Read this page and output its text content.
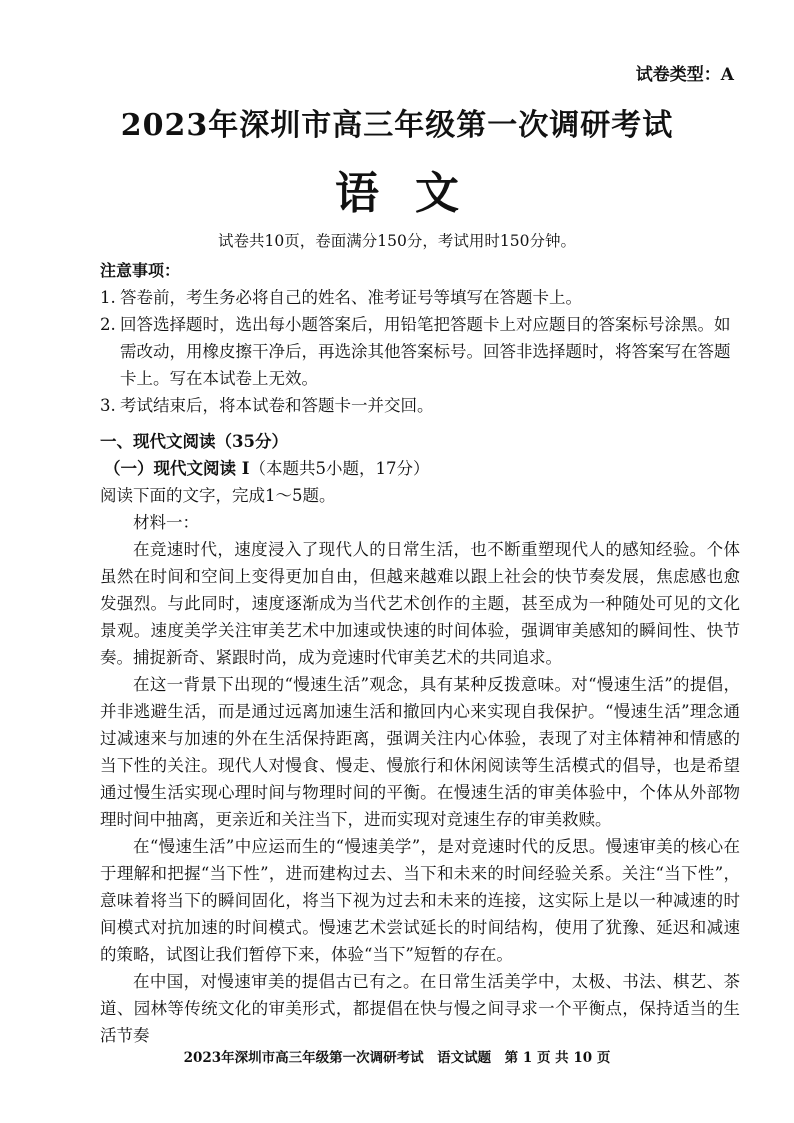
试卷类型：A
2023年深圳市高三年级第一次调研考试
语文
试卷共10页，卷面满分150分，考试用时150分钟。
注意事项：
1. 答卷前，考生务必将自己的姓名、准考证号等填写在答题卡上。
2. 回答选择题时，选出每小题答案后，用铅笔把答题卡上对应题目的答案标号涂黑。如需改动，用橡皮擦干净后，再选涂其他答案标号。回答非选择题时，将答案写在答题卡上。写在本试卷上无效。
3. 考试结束后，将本试卷和答题卡一并交回。
一、现代文阅读（35分）
（一）现代文阅读 I（本题共5小题，17分）
阅读下面的文字，完成1～5题。
材料一：

在竞速时代，速度浸入了现代人的日常生活，也不断重塑现代人的感知经验。个体虽然在时间和空间上变得更加自由，但越来越难以跟上社会的快节奏发展，焦虑感也愈发强烈。与此同时，速度逐渐成为当代艺术创作的主题，甚至成为一种随处可见的文化景观。速度美学关注审美艺术中加速或快速的时间体验，强调审美感知的瞬间性、快节奏。捕捉新奇、紧跟时尚，成为竞速时代审美艺术的共同追求。

在这一背景下出现的“慢速生活”观念，具有某种反拨意味。对“慢速生活”的提倡，并非逃避生活，而是通过远离加速生活和撤回内心来实现自我保护。“慢速生活”理念通过减速来与加速的外在生活保持距离，强调关注内心体验，表现了对主体精神和情感的当下性的关注。现代人对慢食、慢走、慢旅行和休闲阅读等生活模式的倡导，也是希望通过慢生活实现心理时间与物理时间的平衡。在慢速生活的审美体验中，个体从外部物理时间中抽离，更亲近和关注当下，进而实现对竞速生存的审美救赎。

在“慢速生活”中应运而生的“慢速美学”，是对竞速时代的反思。慢速审美的核心在于理解和把握“当下性”，进而建构过去、当下和未来的时间经验关系。关注“当下性”，意味着将当下的瞬间固化，将当下视为过去和未来的连接，这实际上是以一种减速的时间模式对抗加速的时间模式。慢速艺术尝试延长的时间结构，使用了犹豫、延迟和减速的策略，试图让我们暂停下来，体验“当下”短暂的存在。

在中国，对慢速审美的提倡古已有之。在日常生活美学中，太极、书法、棋艺、茶道、园林等传统文化的审美形式，都提倡在快与慢之间寻求一个平衡点，保持适当的生活节奏

2023年深圳市高三年级第一次调研考试　语文试题　第 1 页 共 10 页
